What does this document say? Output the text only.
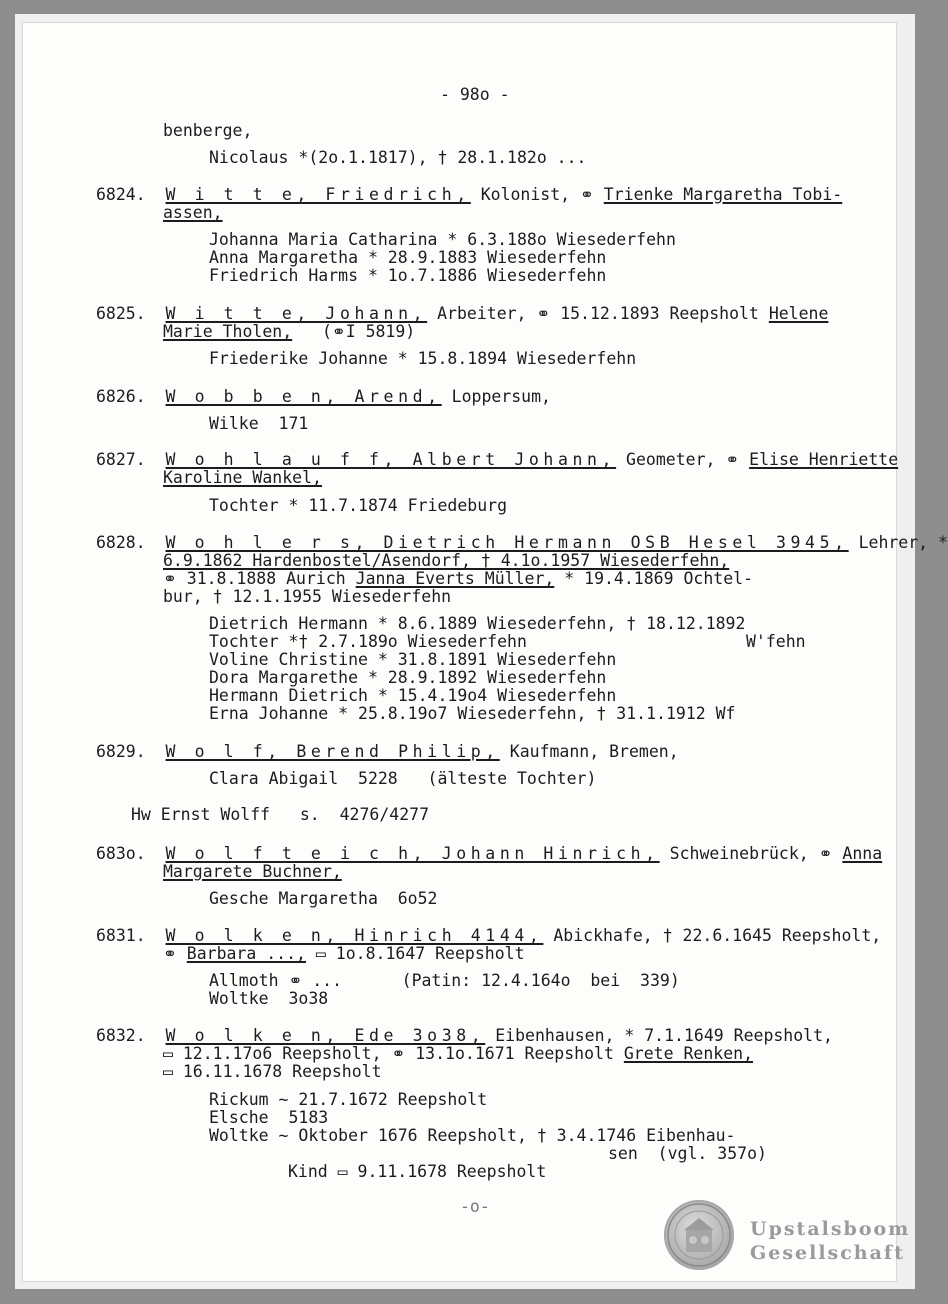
- 98o -
benberge,
Nicolaus *(2o.1.1817), † 28.1.182o ...
6824. W i t t e, Friedrich, Kolonist, ⚭ Trienke Margaretha Tobi-
assen,
Johanna Maria Catharina * 6.3.188o Wiesederfehn
Anna Margaretha * 28.9.1883 Wiesederfehn
Friedrich Harms * 1o.7.1886 Wiesederfehn
6825. W i t t e, Johann, Arbeiter, ⚭ 15.12.1893 Reepsholt Helene
Marie Tholen,   (⚭I 5819)
Friederike Johanne * 15.8.1894 Wiesederfehn
6826. W o b b e n, Arend, Loppersum,
Wilke  171
6827. W o h l a u f f, Albert Johann, Geometer, ⚭ Elise Henriette
Karoline Wankel,
Tochter * 11.7.1874 Friedeburg
6828. W o h l e r s, Dietrich Hermann OSB Hesel 3945, Lehrer, *
6.9.1862 Hardenbostel/Asendorf, † 4.1o.1957 Wiesederfehn,
⚭ 31.8.1888 Aurich Janna Everts Müller, * 19.4.1869 Ochtel-
bur, † 12.1.1955 Wiesederfehn
Dietrich Hermann * 8.6.1889 Wiesederfehn, † 18.12.1892
Tochter *† 2.7.189o Wiesederfehn	W'fehn
Voline Christine * 31.8.1891 Wiesederfehn
Dora Margarethe * 28.9.1892 Wiesederfehn
Hermann Dietrich * 15.4.19o4 Wiesederfehn
Erna Johanne * 25.8.19o7 Wiesederfehn, † 31.1.1912 Wf
6829. W o l f, Berend Philip, Kaufmann, Bremen,
Clara Abigail  5228   (älteste Tochter)
Hw Ernst Wolff   s.  4276/4277
683o. W o l f t e i c h, Johann Hinrich, Schweinebrück, ⚭ Anna
Margarete Buchner,
Gesche Margaretha  6o52
6831. W o l k e n, Hinrich 4144, Abickhafe, † 22.6.1645 Reepsholt,
⚭ Barbara ..., ▭ 1o.8.1647 Reepsholt
Allmoth ⚭ ...      (Patin: 12.4.164o  bei  339)
Woltke  3o38
6832. W o l k e n, Ede 3o38, Eibenhausen, * 7.1.1649 Reepsholt,
▭ 12.1.17o6 Reepsholt, ⚭ 13.1o.1671 Reepsholt Grete Renken,
▭ 16.11.1678 Reepsholt
Rickum ~ 21.7.1672 Reepsholt
Elsche  5183
Woltke ~ Oktober 1676 Reepsholt, † 3.4.1746 Eibenhau-
sen  (vgl. 357o)
Kind ▭ 9.11.1678 Reepsholt
-o-
Upstalsboom
Gesellschaft
